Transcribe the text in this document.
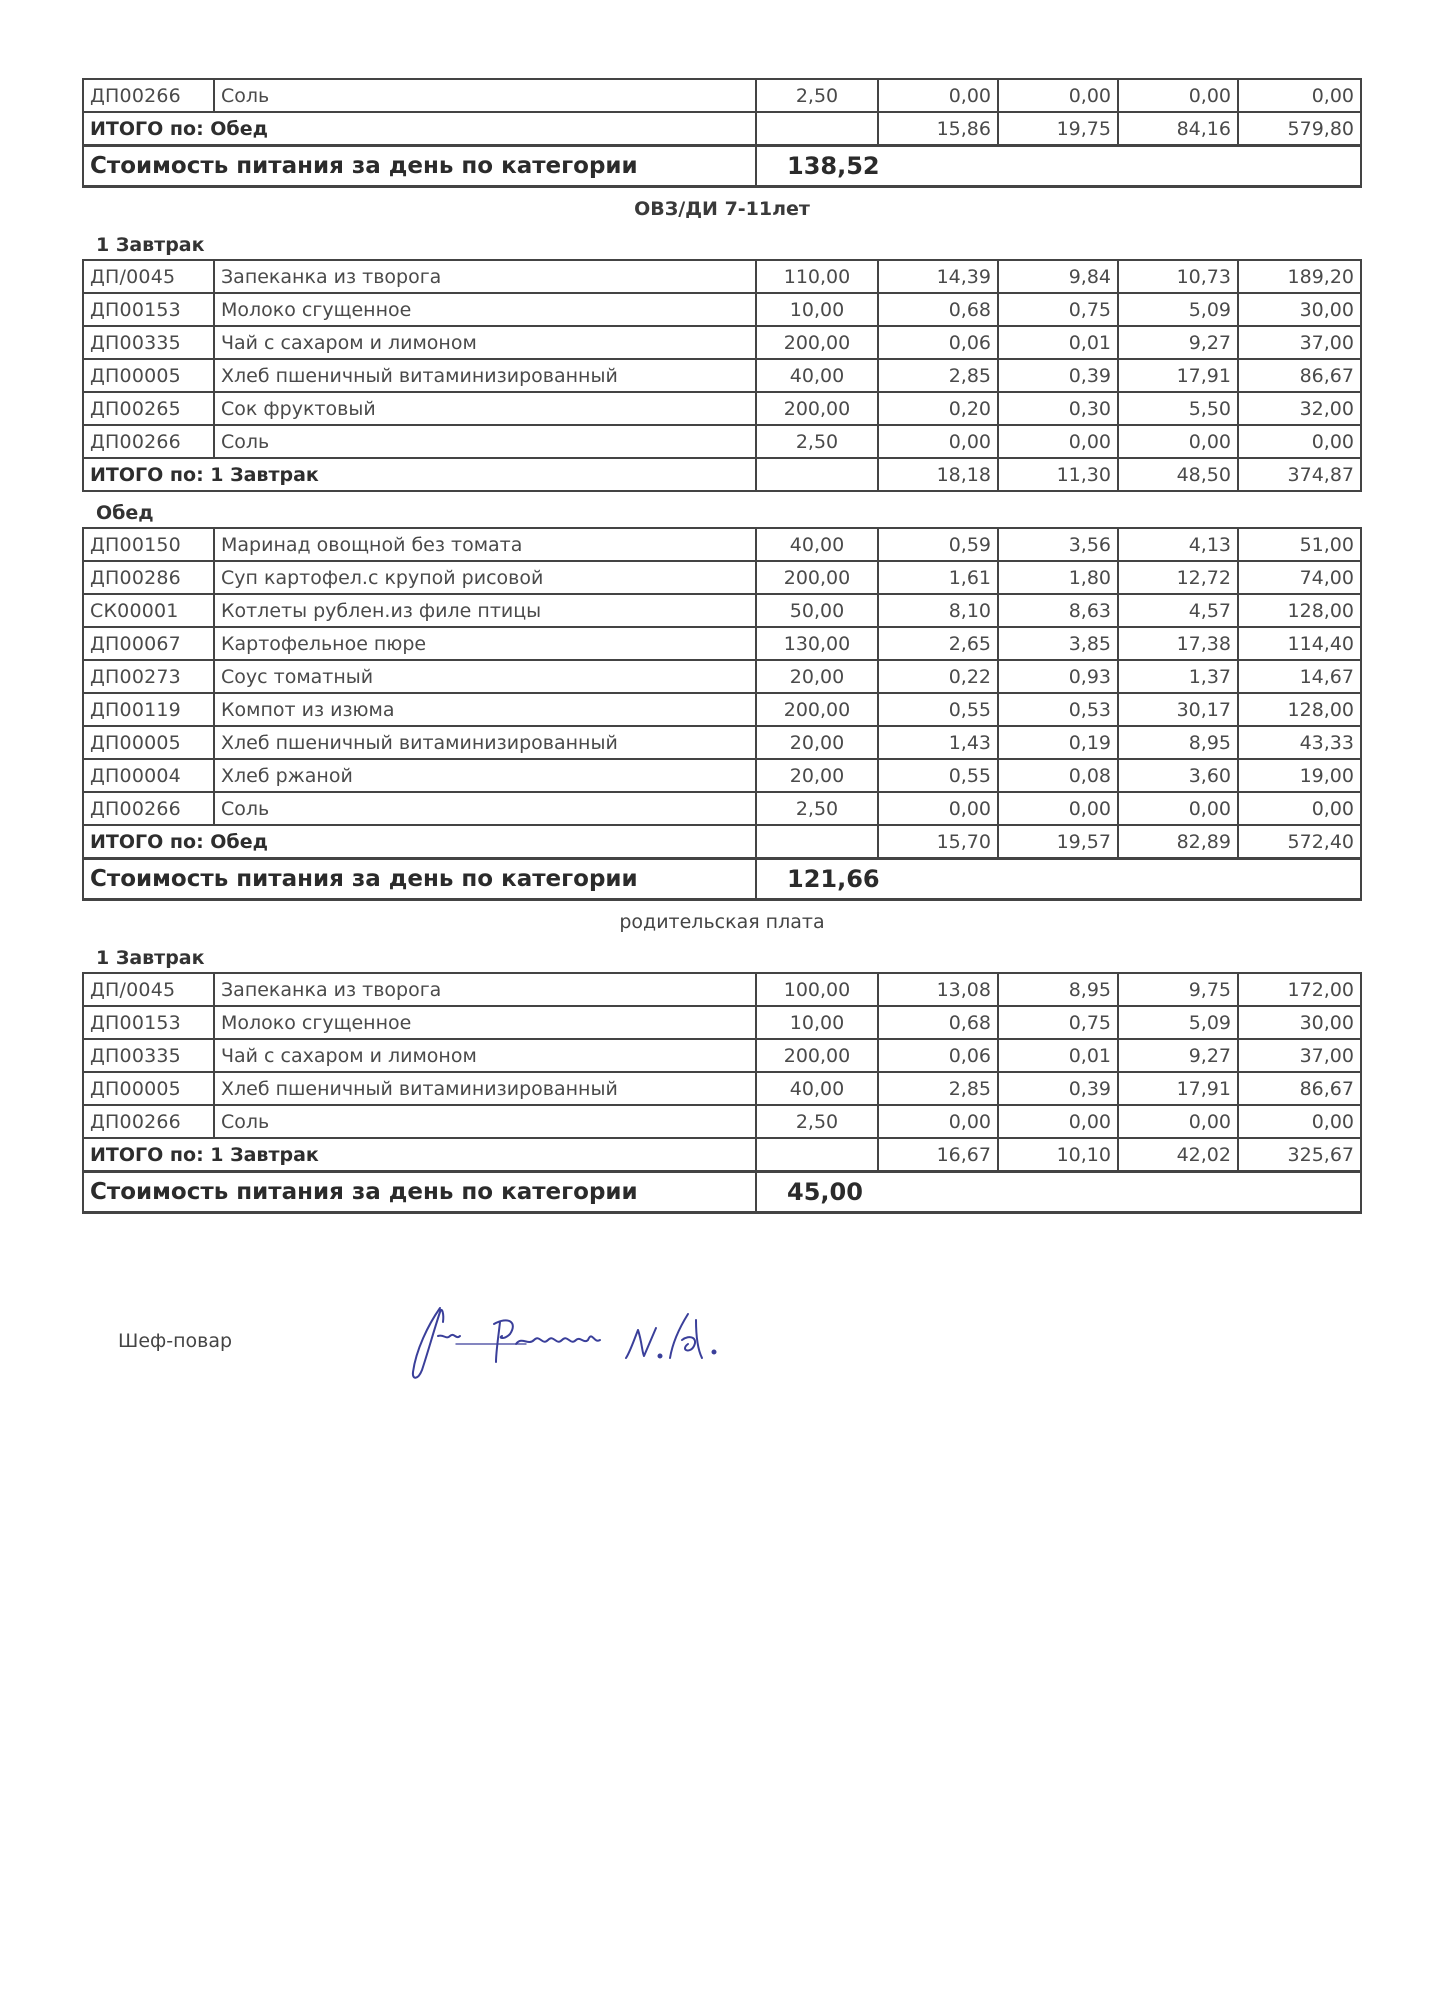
ДП00266	Соль	2,50	0,00	0,00	0,00	0,00
ИТОГО по: Обед			15,86	19,75	84,16	579,80
Стоимость питания за день по категории		138,52				
ОВЗ/ДИ 7-11лет
1 Завтрак
ДП/0045	Запеканка из творога	110,00	14,39	9,84	10,73	189,20
ДП00153	Молоко сгущенное	10,00	0,68	0,75	5,09	30,00
ДП00335	Чай с сахаром и лимоном	200,00	0,06	0,01	9,27	37,00
ДП00005	Хлеб пшеничный витаминизированный	40,00	2,85	0,39	17,91	86,67
ДП00265	Сок фруктовый	200,00	0,20	0,30	5,50	32,00
ДП00266	Соль	2,50	0,00	0,00	0,00	0,00
ИТОГО по: 1 Завтрак			18,18	11,30	48,50	374,87
Обед
ДП00150	Маринад овощной без томата	40,00	0,59	3,56	4,13	51,00
ДП00286	Суп картофел.с крупой рисовой	200,00	1,61	1,80	12,72	74,00
СК00001	Котлеты рублен.из филе птицы	50,00	8,10	8,63	4,57	128,00
ДП00067	Картофельное пюре	130,00	2,65	3,85	17,38	114,40
ДП00273	Соус томатный	20,00	0,22	0,93	1,37	14,67
ДП00119	Компот из изюма	200,00	0,55	0,53	30,17	128,00
ДП00005	Хлеб пшеничный витаминизированный	20,00	1,43	0,19	8,95	43,33
ДП00004	Хлеб ржаной	20,00	0,55	0,08	3,60	19,00
ДП00266	Соль	2,50	0,00	0,00	0,00	0,00
ИТОГО по: Обед			15,70	19,57	82,89	572,40
Стоимость питания за день по категории		121,66				
родительская плата
1 Завтрак
ДП/0045	Запеканка из творога	100,00	13,08	8,95	9,75	172,00
ДП00153	Молоко сгущенное	10,00	0,68	0,75	5,09	30,00
ДП00335	Чай с сахаром и лимоном	200,00	0,06	0,01	9,27	37,00
ДП00005	Хлеб пшеничный витаминизированный	40,00	2,85	0,39	17,91	86,67
ДП00266	Соль	2,50	0,00	0,00	0,00	0,00
ИТОГО по: 1 Завтрак			16,67	10,10	42,02	325,67
Стоимость питания за день по категории		45,00				
Шеф-повар
